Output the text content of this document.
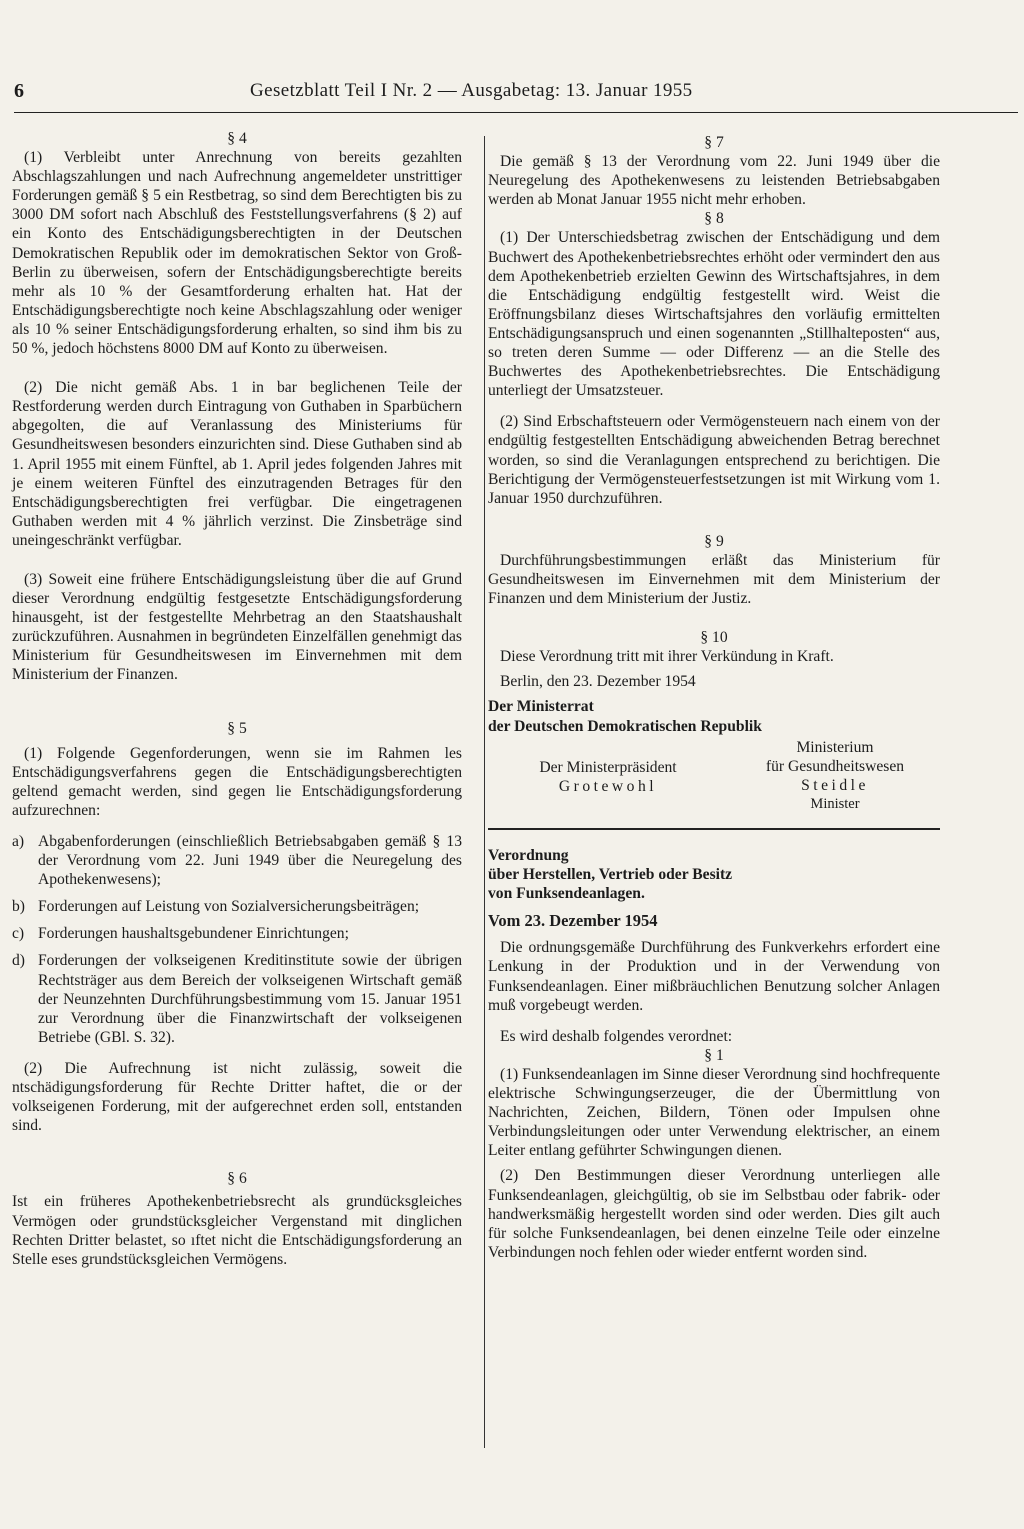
6	Gesetzblatt Teil I Nr. 2 — Ausgabetag: 13. Januar 1955

§ 4

(1) Verbleibt unter Anrechnung von bereits gezahlten Abschlagszahlungen und nach Aufrechnung angemeldeter unstrittiger Forderungen gemäß § 5 ein Restbetrag, so sind dem Berechtigten bis zu 3000 DM sofort nach Abschluß des Feststellungsverfahrens (§ 2) auf ein Konto des Entschädigungsberechtigten in der Deutschen Demokratischen Republik oder im demokratischen Sektor von Groß-Berlin zu überweisen, sofern der Entschädigungsberechtigte bereits mehr als 10 % der Gesamtforderung erhalten hat. Hat der Entschädigungsberechtigte noch keine Abschlagszahlung oder weniger als 10 % seiner Entschädigungsforderung erhalten, so sind ihm bis zu 50 %, jedoch höchstens 8000 DM auf Konto zu überweisen.

(2) Die nicht gemäß Abs. 1 in bar beglichenen Teile der Restforderung werden durch Eintragung von Guthaben in Sparbüchern abgegolten, die auf Veranlassung des Ministeriums für Gesundheitswesen besonders einzurichten sind. Diese Guthaben sind ab 1. April 1955 mit einem Fünftel, ab 1. April jedes folgenden Jahres mit je einem weiteren Fünftel des einzutragenden Betrages für den Entschädigungsberechtigten frei verfügbar. Die eingetragenen Guthaben werden mit 4 % jährlich verzinst. Die Zinsbeträge sind uneingeschränkt verfügbar.

(3) Soweit eine frühere Entschädigungsleistung über die auf Grund dieser Verordnung endgültig festgesetzte Entschädigungsforderung hinausgeht, ist der festgestellte Mehrbetrag an den Staatshaushalt zurückzuführen. Ausnahmen in begründeten Einzelfällen genehmigt das Ministerium für Gesundheitswesen im Einvernehmen mit dem Ministerium der Finanzen.

§ 5

(1) Folgende Gegenforderungen, wenn sie im Rahmen les Entschädigungsverfahrens gegen die Entschädigungsberechtigten geltend gemacht werden, sind gegen lie Entschädigungsforderung aufzurechnen:

a) Abgabenforderungen (einschließlich Betriebsabgaben gemäß § 13 der Verordnung vom 22. Juni 1949 über die Neuregelung des Apothekenwesens);
b) Forderungen auf Leistung von Sozialversicherungsbeiträgen;
c) Forderungen haushaltsgebundener Einrichtungen;
d) Forderungen der volkseigenen Kreditinstitute sowie der übrigen Rechtsträger aus dem Bereich der volkseigenen Wirtschaft gemäß der Neunzehnten Durchführungsbestimmung vom 15. Januar 1951 zur Verordnung über die Finanzwirtschaft der volkseigenen Betriebe (GBl. S. 32).

(2) Die Aufrechnung ist nicht zulässig, soweit die ntschädigungsforderung für Rechte Dritter haftet, die or der volkseigenen Forderung, mit der aufgerechnet erden soll, entstanden sind.

§ 6

Ist ein früheres Apothekenbetriebsrecht als grundücksgleiches Vermögen oder grundstücksgleicher Vergenstand mit dinglichen Rechten Dritter belastet, so ıftet nicht die Entschädigungsforderung an Stelle eses grundstücksgleichen Vermögens.

§ 7

Die gemäß § 13 der Verordnung vom 22. Juni 1949 über die Neuregelung des Apothekenwesens zu leistenden Betriebsabgaben werden ab Monat Januar 1955 nicht mehr erhoben.

§ 8

(1) Der Unterschiedsbetrag zwischen der Entschädigung und dem Buchwert des Apothekenbetriebsrechtes erhöht oder vermindert den aus dem Apothekenbetrieb erzielten Gewinn des Wirtschaftsjahres, in dem die Entschädigung endgültig festgestellt wird. Weist die Eröffnungsbilanz dieses Wirtschaftsjahres den vorläufig ermittelten Entschädigungsanspruch und einen sogenannten „Stillhalteposten“ aus, so treten deren Summe — oder Differenz — an die Stelle des Buchwertes des Apothekenbetriebsrechtes. Die Entschädigung unterliegt der Umsatzsteuer.

(2) Sind Erbschaftsteuern oder Vermögensteuern nach einem von der endgültig festgestellten Entschädigung abweichenden Betrag berechnet worden, so sind die Veranlagungen entsprechend zu berichtigen. Die Berichtigung der Vermögensteuerfestsetzungen ist mit Wirkung vom 1. Januar 1950 durchzuführen.

§ 9

Durchführungsbestimmungen erläßt das Ministerium für Gesundheitswesen im Einvernehmen mit dem Ministerium der Finanzen und dem Ministerium der Justiz.

§ 10

Diese Verordnung tritt mit ihrer Verkündung in Kraft.

Berlin, den 23. Dezember 1954

Der Ministerrat

der Deutschen Demokratischen Republik

Der Ministerpräsident
Grotewohl
Ministerium
für Gesundheitswesen
Steidle
Minister

Verordnung

über Herstellen, Vertrieb oder Besitz

von Funksendeanlagen.

Vom 23. Dezember 1954

Die ordnungsgemäße Durchführung des Funkverkehrs erfordert eine Lenkung in der Produktion und in der Verwendung von Funksendeanlagen. Einer mißbräuchlichen Benutzung solcher Anlagen muß vorgebeugt werden.

Es wird deshalb folgendes verordnet:

§ 1

(1) Funksendeanlagen im Sinne dieser Verordnung sind hochfrequente elektrische Schwingungserzeuger, die der Übermittlung von Nachrichten, Zeichen, Bildern, Tönen oder Impulsen ohne Verbindungsleitungen oder unter Verwendung elektrischer, an einem Leiter entlang geführter Schwingungen dienen.

(2) Den Bestimmungen dieser Verordnung unterliegen alle Funksendeanlagen, gleichgültig, ob sie im Selbstbau oder fabrik- oder handwerksmäßig hergestellt worden sind oder werden. Dies gilt auch für solche Funksendeanlagen, bei denen einzelne Teile oder einzelne Verbindungen noch fehlen oder wieder entfernt worden sind.
